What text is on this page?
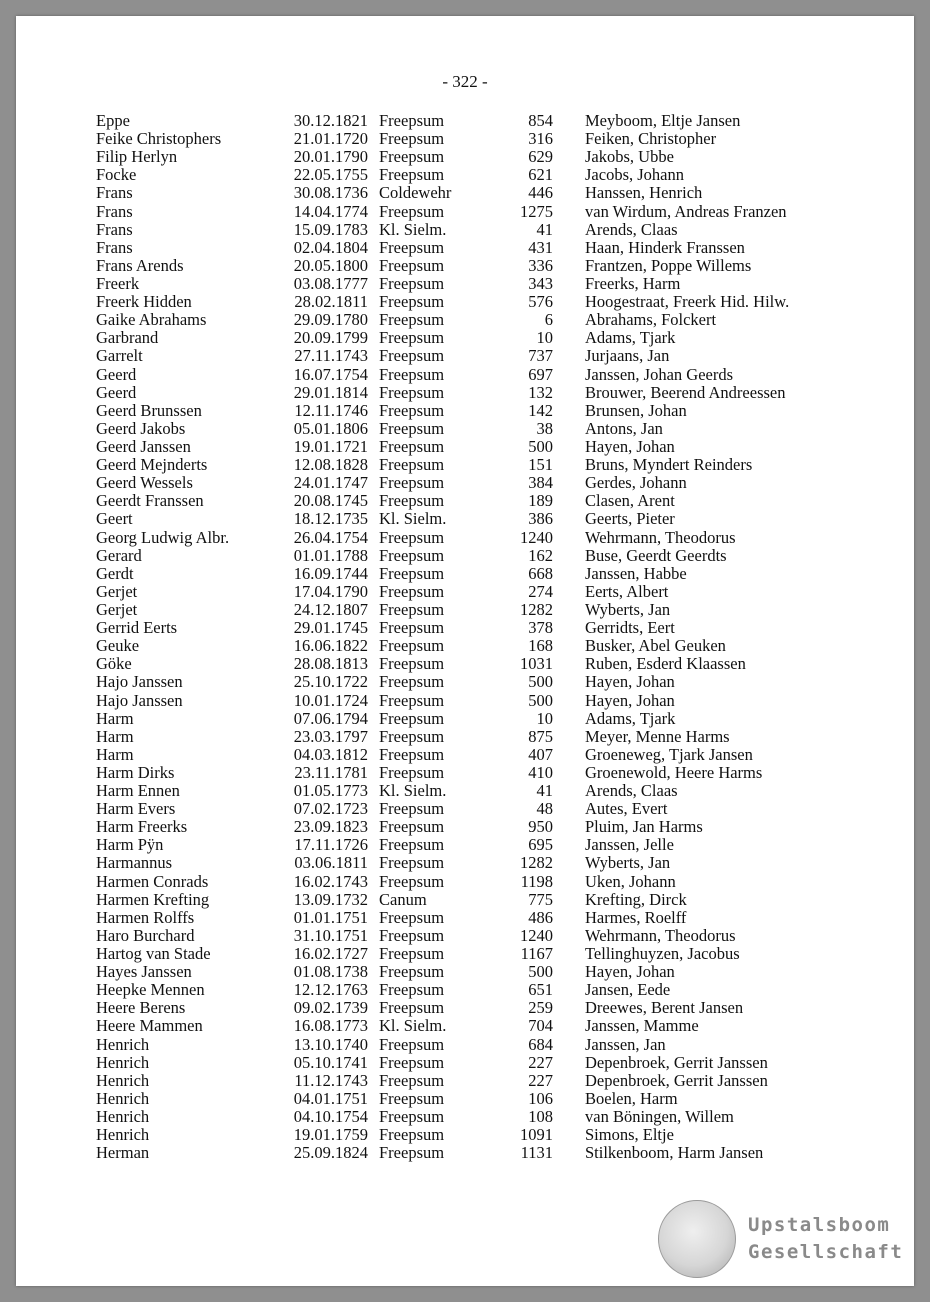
- 322 -
Eppe	30.12.1821 Freepsum	854 Meyboom, Eltje Jansen
Feike Christophers	21.01.1720 Freepsum	316 Feiken, Christopher
Filip Herlyn	20.01.1790 Freepsum	629 Jakobs, Ubbe
Focke	22.05.1755 Freepsum	621 Jacobs, Johann
Frans	30.08.1736 Coldewehr	446 Hanssen, Henrich
Frans	14.04.1774 Freepsum	1275 van Wirdum, Andreas Franzen
Frans	15.09.1783 Kl. Sielm.	41 Arends, Claas
Frans	02.04.1804 Freepsum	431 Haan, Hinderk Franssen
Frans Arends	20.05.1800 Freepsum	336 Frantzen, Poppe Willems
Freerk	03.08.1777 Freepsum	343 Freerks, Harm
Freerk Hidden	28.02.1811 Freepsum	576 Hoogestraat, Freerk Hid. Hilw.
Gaike Abrahams	29.09.1780 Freepsum	6 Abrahams, Folckert
Garbrand	20.09.1799 Freepsum	10 Adams, Tjark
Garrelt	27.11.1743 Freepsum	737 Jurjaans, Jan
Geerd	16.07.1754 Freepsum	697 Janssen, Johan Geerds
Geerd	29.01.1814 Freepsum	132 Brouwer, Beerend Andreessen
Geerd Brunssen	12.11.1746 Freepsum	142 Brunsen, Johan
Geerd Jakobs	05.01.1806 Freepsum	38 Antons, Jan
Geerd Janssen	19.01.1721 Freepsum	500 Hayen, Johan
Geerd Mejnderts	12.08.1828 Freepsum	151 Bruns, Myndert Reinders
Geerd Wessels	24.01.1747 Freepsum	384 Gerdes, Johann
Geerdt Franssen	20.08.1745 Freepsum	189 Clasen, Arent
Geert	18.12.1735 Kl. Sielm.	386 Geerts, Pieter
Georg Ludwig Albr.	26.04.1754 Freepsum	1240 Wehrmann, Theodorus
Gerard	01.01.1788 Freepsum	162 Buse, Geerdt Geerdts
Gerdt	16.09.1744 Freepsum	668 Janssen, Habbe
Gerjet	17.04.1790 Freepsum	274 Eerts, Albert
Gerjet	24.12.1807 Freepsum	1282 Wyberts, Jan
Gerrid Eerts	29.01.1745 Freepsum	378 Gerridts, Eert
Geuke	16.06.1822 Freepsum	168 Busker, Abel Geuken
Göke	28.08.1813 Freepsum	1031 Ruben, Esderd Klaassen
Hajo Janssen	25.10.1722 Freepsum	500 Hayen, Johan
Hajo Janssen	10.01.1724 Freepsum	500 Hayen, Johan
Harm	07.06.1794 Freepsum	10 Adams, Tjark
Harm	23.03.1797 Freepsum	875 Meyer, Menne Harms
Harm	04.03.1812 Freepsum	407 Groeneweg, Tjark Jansen
Harm Dirks	23.11.1781 Freepsum	410 Groenewold, Heere Harms
Harm Ennen	01.05.1773 Kl. Sielm.	41 Arends, Claas
Harm Evers	07.02.1723 Freepsum	48 Autes, Evert
Harm Freerks	23.09.1823 Freepsum	950 Pluim, Jan Harms
Harm Pÿn	17.11.1726 Freepsum	695 Janssen, Jelle
Harmannus	03.06.1811 Freepsum	1282 Wyberts, Jan
Harmen Conrads	16.02.1743 Freepsum	1198 Uken, Johann
Harmen Krefting	13.09.1732 Canum	775 Krefting, Dirck
Harmen Rolffs	01.01.1751 Freepsum	486 Harmes, Roelff
Haro Burchard	31.10.1751 Freepsum	1240 Wehrmann, Theodorus
Hartog van Stade	16.02.1727 Freepsum	1167 Tellinghuyzen, Jacobus
Hayes Janssen	01.08.1738 Freepsum	500 Hayen, Johan
Heepke Mennen	12.12.1763 Freepsum	651 Jansen, Eede
Heere Berens	09.02.1739 Freepsum	259 Dreewes, Berent Jansen
Heere Mammen	16.08.1773 Kl. Sielm.	704 Janssen, Mamme
Henrich	13.10.1740 Freepsum	684 Janssen, Jan
Henrich	05.10.1741 Freepsum	227 Depenbroek, Gerrit Janssen
Henrich	11.12.1743 Freepsum	227 Depenbroek, Gerrit Janssen
Henrich	04.01.1751 Freepsum	106 Boelen, Harm
Henrich	04.10.1754 Freepsum	108 van Böningen, Willem
Henrich	19.01.1759 Freepsum	1091 Simons, Eltje
Herman	25.09.1824 Freepsum	1131 Stilkenboom, Harm Jansen
Upstalsboom
Gesellschaft
